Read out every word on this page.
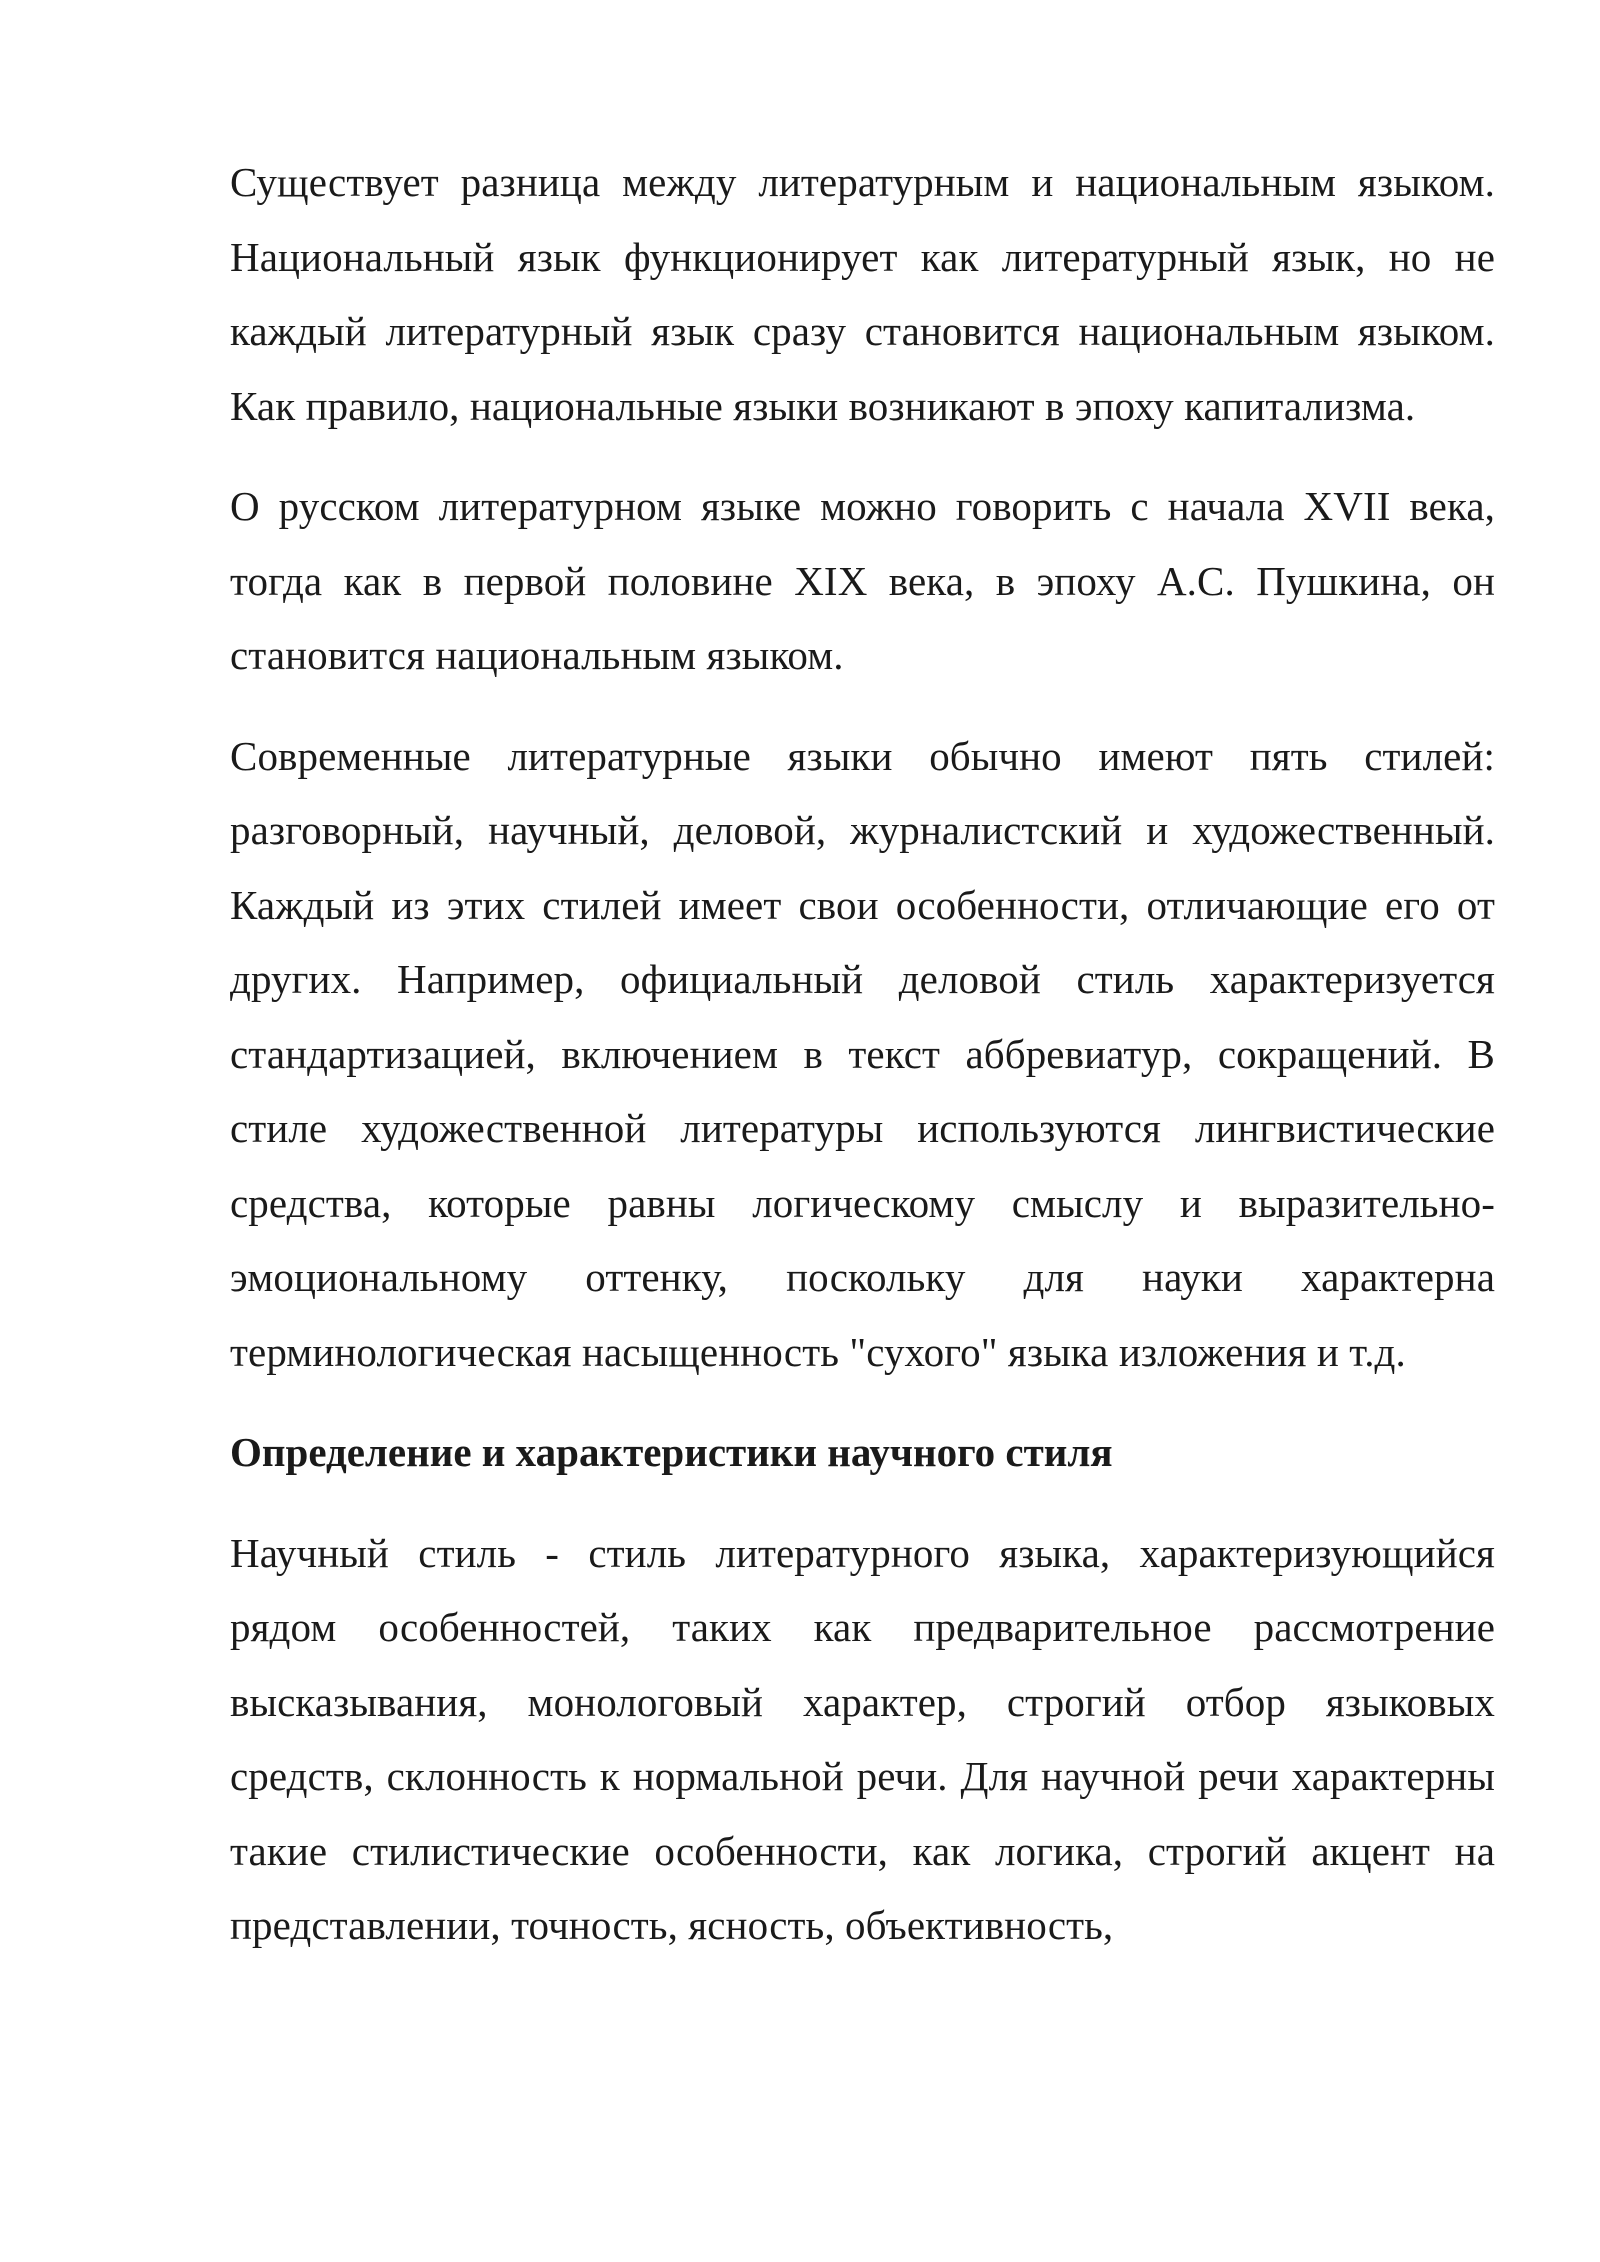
Существует разница между литературным и национальным языком. Национальный язык функционирует как литературный язык, но не каждый литературный язык сразу становится национальным языком. Как правило, национальные языки возникают в эпоху капитализма.

О русском литературном языке можно говорить с начала XVII века, тогда как в первой половине XIX века, в эпоху А.С. Пушкина, он становится национальным языком.

Современные литературные языки обычно имеют пять стилей: разговорный, научный, деловой, журналистский и художественный. Каждый из этих стилей имеет свои особенности, отличающие его от других. Например, официальный деловой стиль характеризуется стандартизацией, включением в текст аббревиатур, сокращений. В стиле художественной литературы используются лингвистические средства, которые равны логическому смыслу и выразительно-эмоциональному оттенку, поскольку для науки характерна терминологическая насыщенность "сухого" языка изложения и т.д.

Определение и характеристики научного стиля

Научный стиль - стиль литературного языка, характеризующийся рядом особенностей, таких как предварительное рассмотрение высказывания, монологовый характер, строгий отбор языковых средств, склонность к нормальной речи. Для научной речи характерны такие стилистические особенности, как логика, строгий акцент на представлении, точность, ясность, объективность,
